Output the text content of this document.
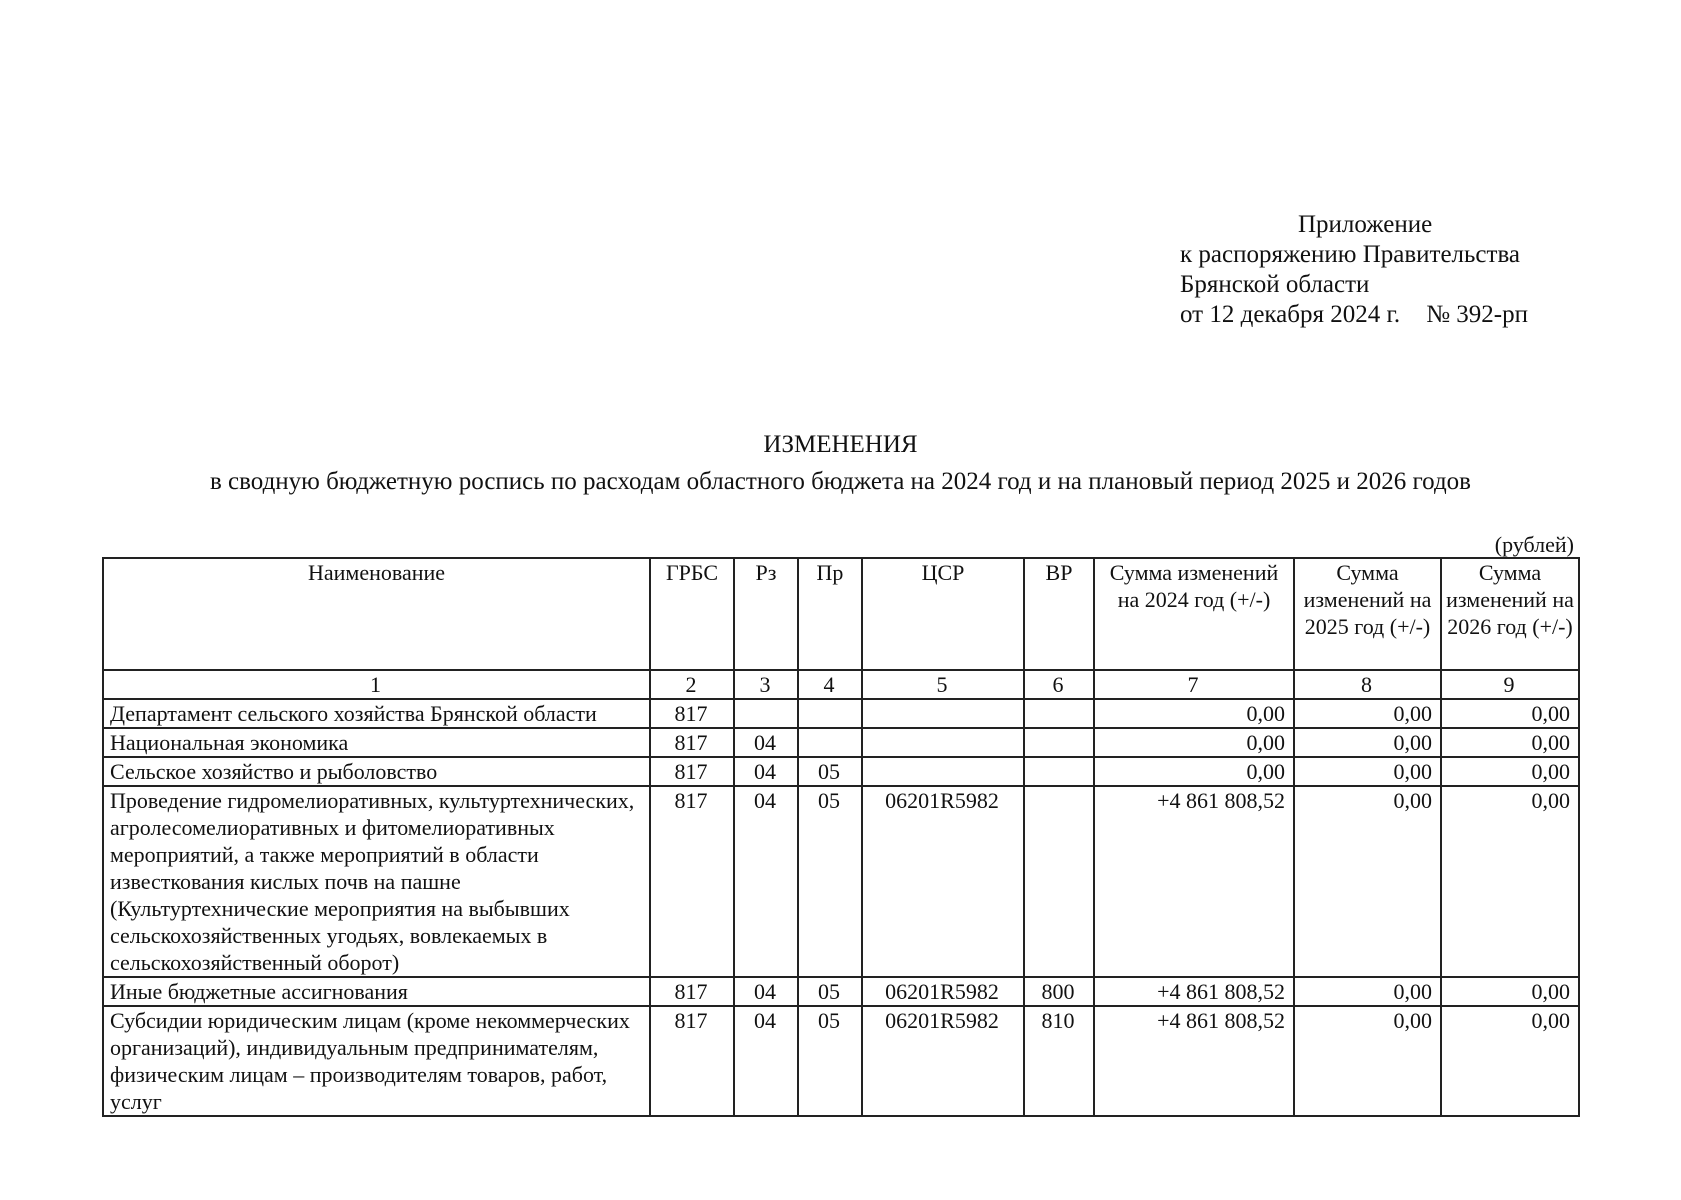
Приложение
к распоряжению Правительства
Брянской области
от 12 декабря 2024 г. № 392-рп
ИЗМЕНЕНИЯ
в сводную бюджетную роспись по расходам областного бюджета на 2024 год и на плановый период 2025 и 2026 годов
(рублей)
Наименование	ГРБС	Рз	Пр	ЦСР	ВР	Сумма изменений на 2024 год (+/-)	Сумма изменений на 2025 год (+/-)	Сумма изменений на 2026 год (+/-)
1	2	3	4	5	6	7	8	9
Департамент сельского хозяйства Брянской области	817					0,00	0,00	0,00
Национальная экономика	817	04				0,00	0,00	0,00
Сельское хозяйство и рыболовство	817	04	05			0,00	0,00	0,00
Проведение гидромелиоративных, культуртехнических, агролесомелиоративных и фитомелиоративных мероприятий, а также мероприятий в области известкования кислых почв на пашне (Культуртехнические мероприятия на выбывших сельскохозяйственных угодьях, вовлекаемых в сельскохозяйственный оборот)	817	04	05	06201R5982		+4 861 808,52	0,00	0,00
Иные бюджетные ассигнования	817	04	05	06201R5982	800	+4 861 808,52	0,00	0,00
Субсидии юридическим лицам (кроме некоммерческих организаций), индивидуальным предпринимателям, физическим лицам – производителям товаров, работ, услуг	817	04	05	06201R5982	810	+4 861 808,52	0,00	0,00
